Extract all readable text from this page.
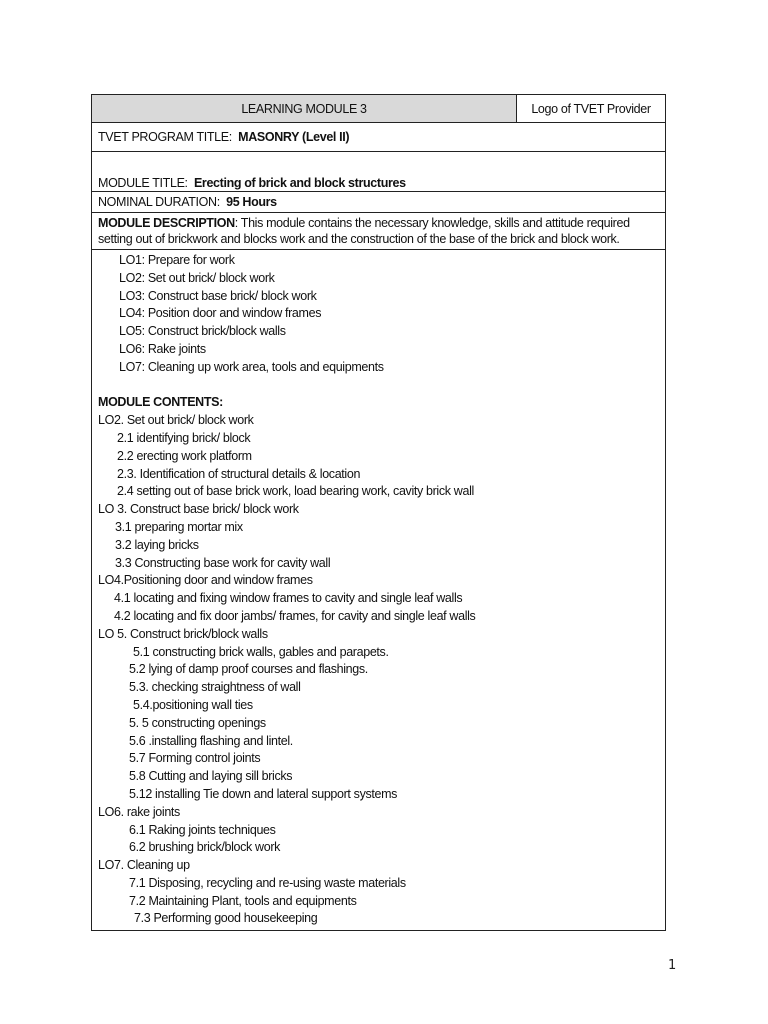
LEARNING MODULE 3	Logo of TVET Provider
TVET PROGRAM TITLE: MASONRY (Level II)
MODULE TITLE: Erecting of brick and block structures
NOMINAL DURATION: 95 Hours
MODULE DESCRIPTION: This module contains the necessary knowledge, skills and attitude required setting out of brickwork and blocks work and the construction of the base of the brick and block work.

LO1: Prepare for work
LO2: Set out brick/ block work
LO3: Construct base brick/ block work
LO4: Position door and window frames
LO5: Construct brick/block walls
LO6: Rake joints
LO7: Cleaning up work area, tools and equipments
MODULE CONTENTS:
LO2. Set out brick/ block work
2.1 identifying brick/ block
2.2 erecting work platform
2.3. Identification of structural details & location
2.4 setting out of base brick work, load bearing work, cavity brick wall
LO 3. Construct base brick/ block work
3.1 preparing mortar mix
3.2 laying bricks
3.3 Constructing base work for cavity wall
LO4.Positioning door and window frames
4.1 locating and fixing window frames to cavity and single leaf walls
4.2 locating and fix door jambs/ frames, for cavity and single leaf walls
LO 5. Construct brick/block walls
5.1 constructing brick walls, gables and parapets.
5.2 lying of damp proof courses and flashings.
5.3. checking straightness of wall
5.4.positioning wall ties
5. 5 constructing openings
5.6 .installing flashing and lintel.
5.7 Forming control joints
5.8 Cutting and laying sill bricks
5.12 installing Tie down and lateral support systems
LO6. rake joints
6.1 Raking joints techniques
6.2 brushing brick/block work
LO7. Cleaning up
7.1 Disposing, recycling and re-using waste materials
7.2 Maintaining Plant, tools and equipments
7.3 Performing good housekeeping
1
